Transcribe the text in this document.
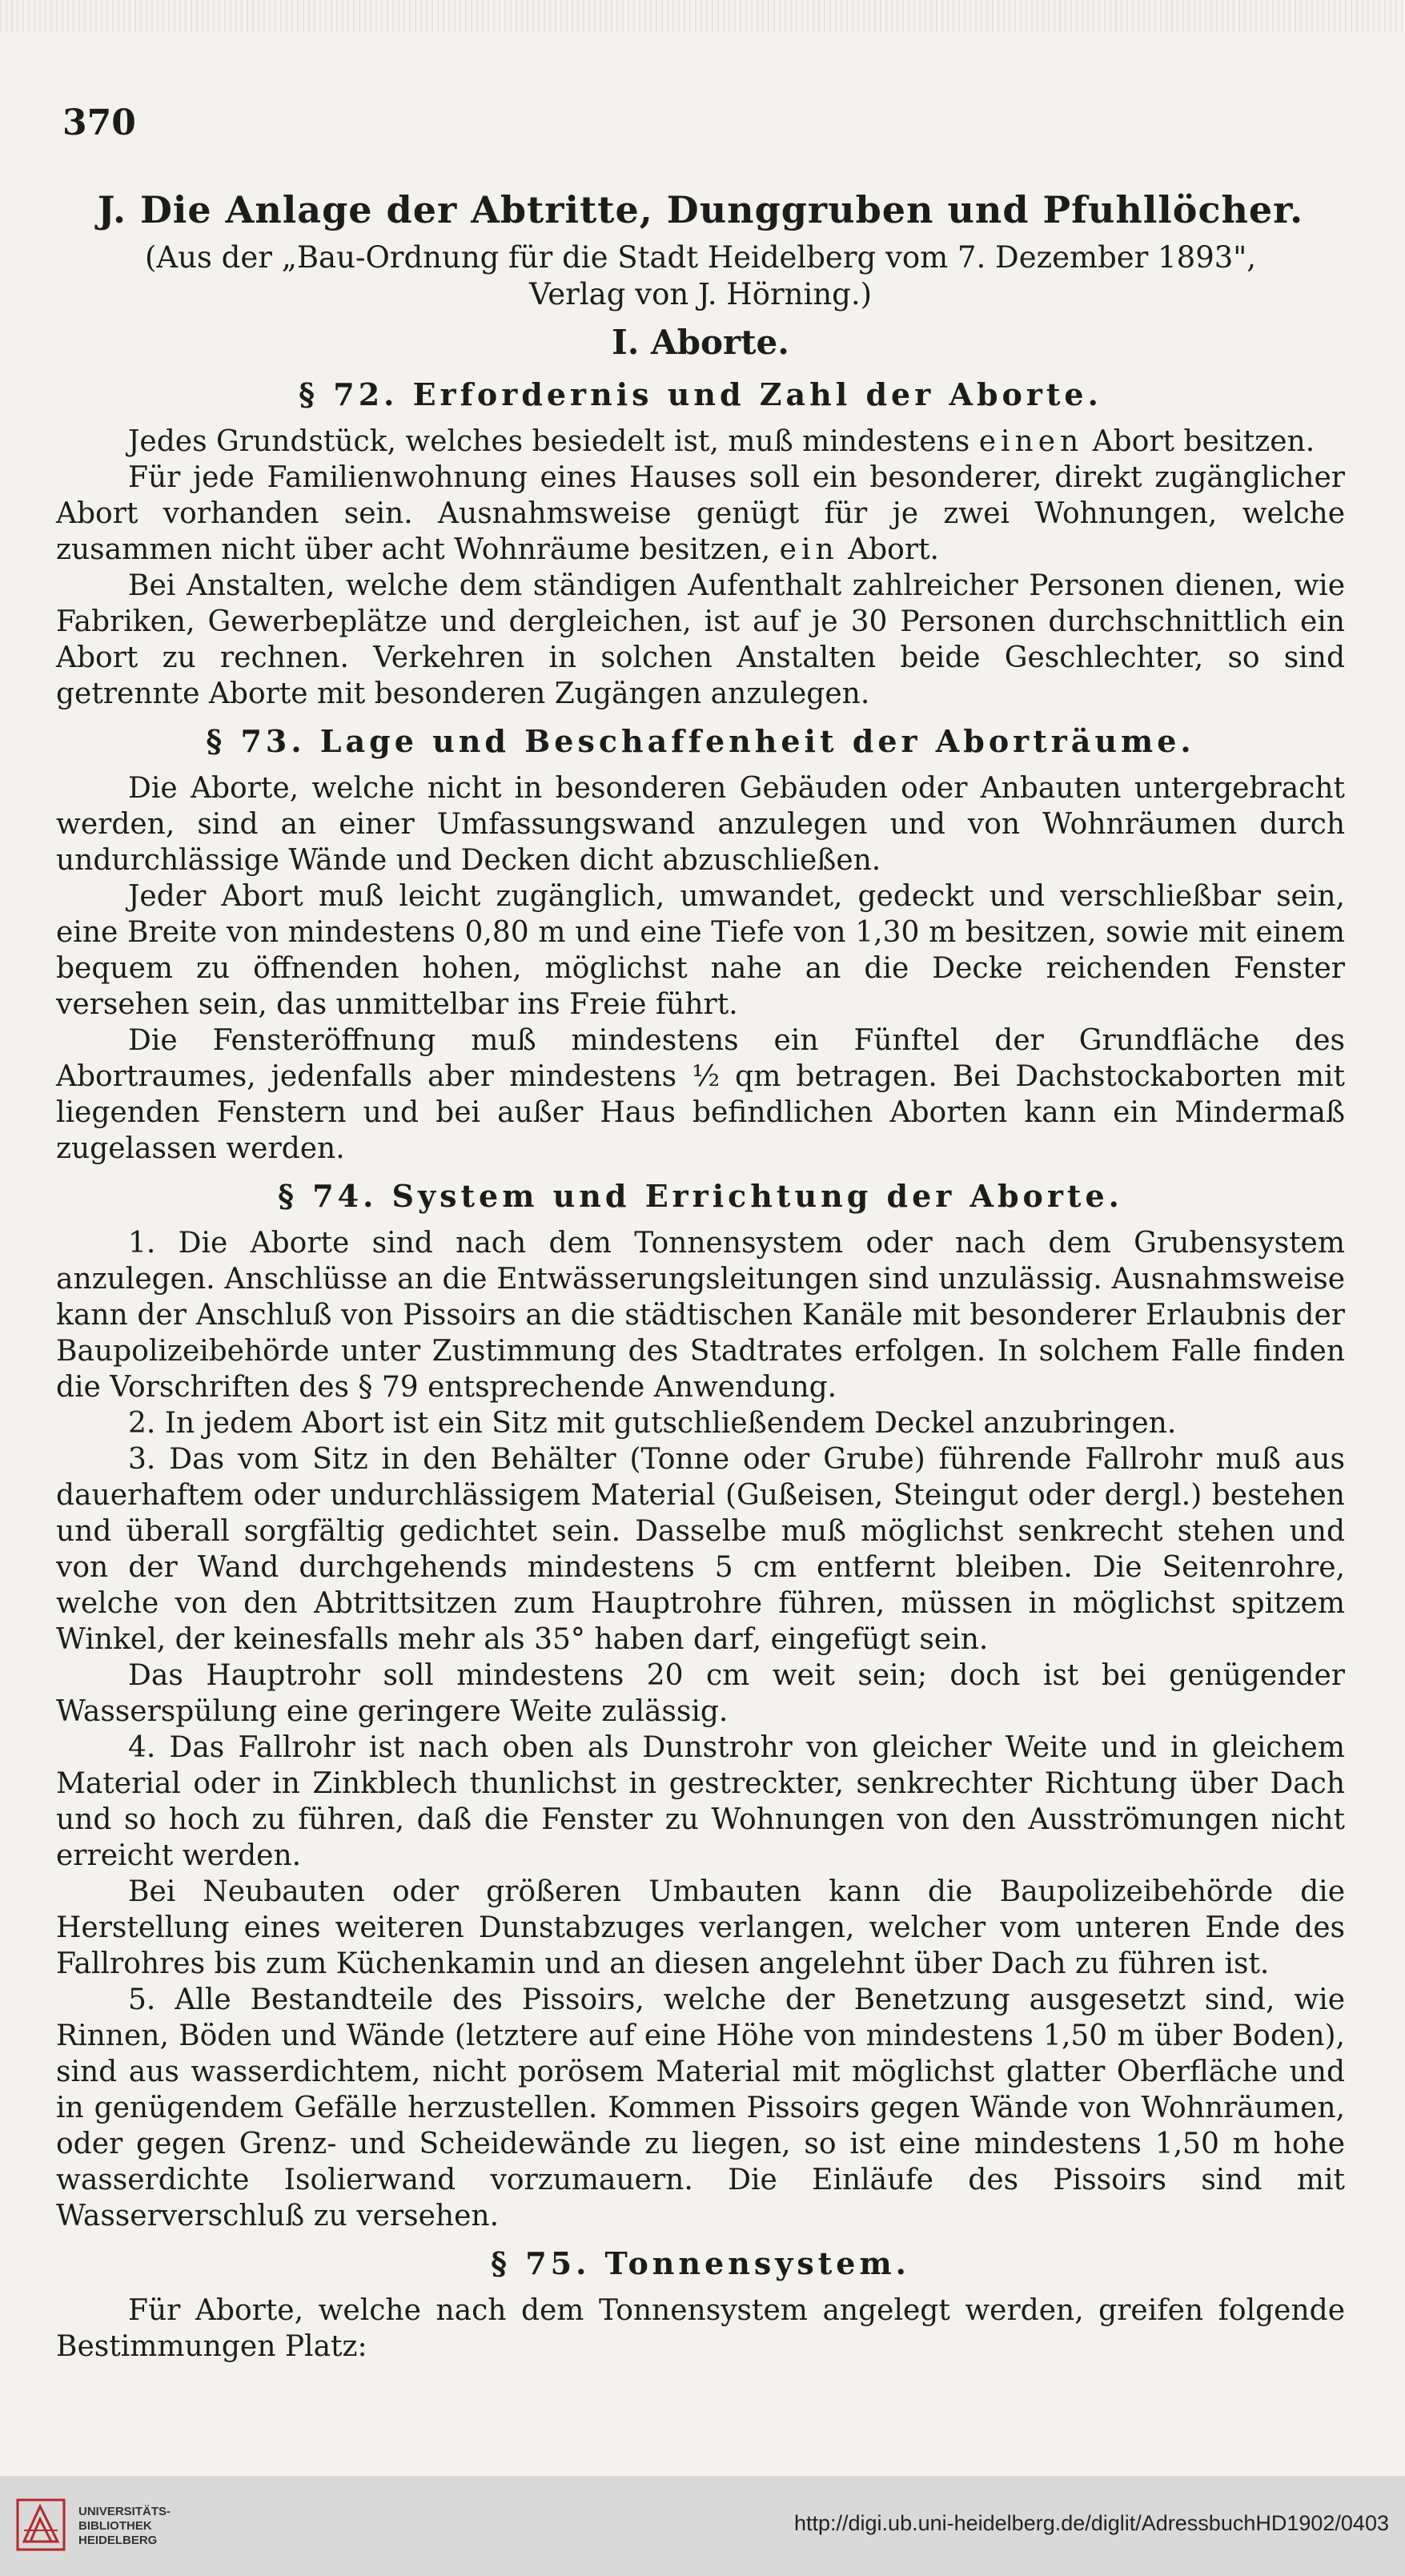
370
J. Die Anlage der Abtritte, Dunggruben und Pfuhllöcher.
(Aus der „Bau-Ordnung für die Stadt Heidelberg vom 7. Dezember 1893",
Verlag von J. Hörning.)
I. Aborte.
§ 72. Erfordernis und Zahl der Aborte.

Jedes Grundstück, welches besiedelt ist, muß mindestens einen Abort besitzen.

Für jede Familienwohnung eines Hauses soll ein besonderer, direkt zugänglicher Abort vorhanden sein. Ausnahmsweise genügt für je zwei Wohnungen, welche zusammen nicht über acht Wohnräume besitzen, ein Abort.

Bei Anstalten, welche dem ständigen Aufenthalt zahlreicher Personen dienen, wie Fabriken, Gewerbeplätze und dergleichen, ist auf je 30 Personen durchschnittlich ein Abort zu rechnen. Verkehren in solchen Anstalten beide Geschlechter, so sind getrennte Aborte mit besonderen Zugängen anzulegen.

§ 73. Lage und Beschaffenheit der Aborträume.

Die Aborte, welche nicht in besonderen Gebäuden oder Anbauten untergebracht werden, sind an einer Umfassungswand anzulegen und von Wohnräumen durch undurchlässige Wände und Decken dicht abzuschließen.

Jeder Abort muß leicht zugänglich, umwandet, gedeckt und verschließbar sein, eine Breite von mindestens 0,80 m und eine Tiefe von 1,30 m besitzen, sowie mit einem bequem zu öffnenden hohen, möglichst nahe an die Decke reichenden Fenster versehen sein, das unmittelbar ins Freie führt.

Die Fensteröffnung muß mindestens ein Fünftel der Grundfläche des Abortraumes, jedenfalls aber mindestens ½ qm betragen. Bei Dachstockaborten mit liegenden Fenstern und bei außer Haus befindlichen Aborten kann ein Mindermaß zugelassen werden.

§ 74. System und Errichtung der Aborte.

1. Die Aborte sind nach dem Tonnensystem oder nach dem Grubensystem anzulegen. Anschlüsse an die Entwässerungsleitungen sind unzulässig. Ausnahmsweise kann der Anschluß von Pissoirs an die städtischen Kanäle mit besonderer Erlaubnis der Baupolizeibehörde unter Zustimmung des Stadtrates erfolgen. In solchem Falle finden die Vorschriften des § 79 entsprechende Anwendung.

2. In jedem Abort ist ein Sitz mit gutschließendem Deckel anzubringen.

3. Das vom Sitz in den Behälter (Tonne oder Grube) führende Fallrohr muß aus dauerhaftem oder undurchlässigem Material (Gußeisen, Steingut oder dergl.) bestehen und überall sorgfältig gedichtet sein. Dasselbe muß möglichst senkrecht stehen und von der Wand durchgehends mindestens 5 cm entfernt bleiben. Die Seitenrohre, welche von den Abtrittsitzen zum Hauptrohre führen, müssen in möglichst spitzem Winkel, der keinesfalls mehr als 35° haben darf, eingefügt sein.

Das Hauptrohr soll mindestens 20 cm weit sein; doch ist bei genügender Wasserspülung eine geringere Weite zulässig.

4. Das Fallrohr ist nach oben als Dunstrohr von gleicher Weite und in gleichem Material oder in Zinkblech thunlichst in gestreckter, senkrechter Richtung über Dach und so hoch zu führen, daß die Fenster zu Wohnungen von den Ausströmungen nicht erreicht werden.

Bei Neubauten oder größeren Umbauten kann die Baupolizeibehörde die Herstellung eines weiteren Dunstabzuges verlangen, welcher vom unteren Ende des Fallrohres bis zum Küchenkamin und an diesen angelehnt über Dach zu führen ist.

5. Alle Bestandteile des Pissoirs, welche der Benetzung ausgesetzt sind, wie Rinnen, Böden und Wände (letztere auf eine Höhe von mindestens 1,50 m über Boden), sind aus wasserdichtem, nicht porösem Material mit möglichst glatter Oberfläche und in genügendem Gefälle herzustellen. Kommen Pissoirs gegen Wände von Wohnräumen, oder gegen Grenz- und Scheidewände zu liegen, so ist eine mindestens 1,50 m hohe wasserdichte Isolierwand vorzumauern. Die Einläufe des Pissoirs sind mit Wasserverschluß zu versehen.

§ 75. Tonnensystem.

Für Aborte, welche nach dem Tonnensystem angelegt werden, greifen folgende Bestimmungen Platz:

UNIVERSITÄTS-
BIBLIOTHEK
HEIDELBERG
http://digi.ub.uni-heidelberg.de/diglit/AdressbuchHD1902/0403
